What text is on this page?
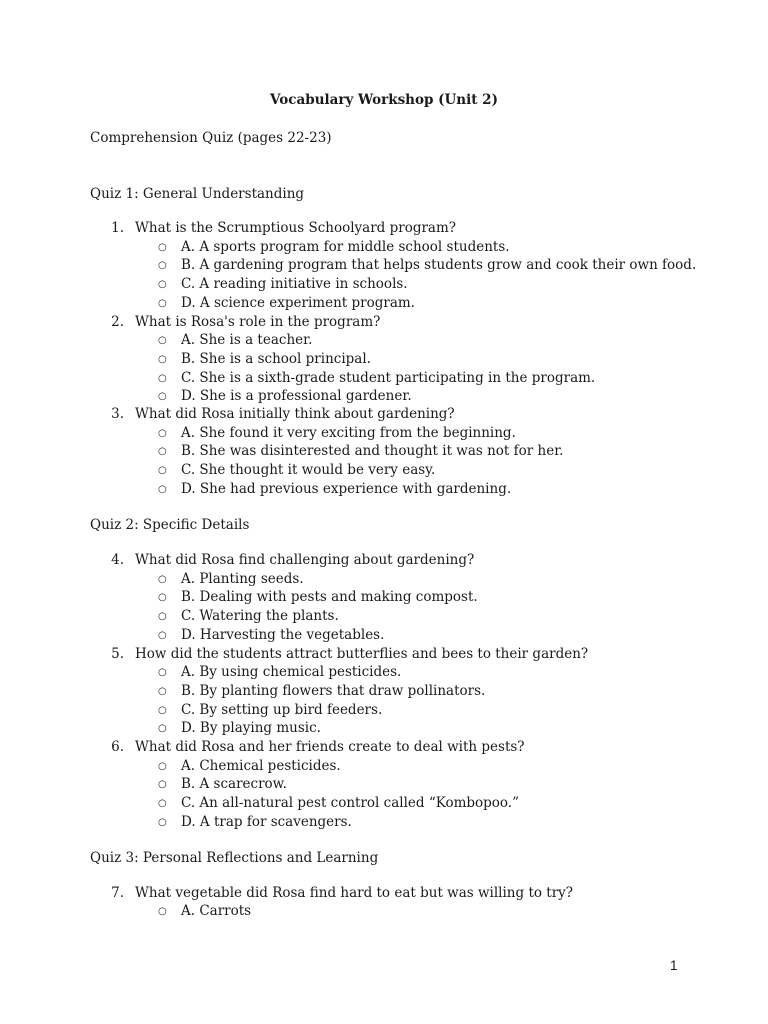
Vocabulary Workshop (Unit 2)
Comprehension Quiz (pages 22-23)
Quiz 1: General Understanding
1. What is the Scrumptious Schoolyard program?
○ A. A sports program for middle school students.
○ B. A gardening program that helps students grow and cook their own food.
○ C. A reading initiative in schools.
○ D. A science experiment program.
2. What is Rosa's role in the program?
○ A. She is a teacher.
○ B. She is a school principal.
○ C. She is a sixth-grade student participating in the program.
○ D. She is a professional gardener.
3. What did Rosa initially think about gardening?
○ A. She found it very exciting from the beginning.
○ B. She was disinterested and thought it was not for her.
○ C. She thought it would be very easy.
○ D. She had previous experience with gardening.
Quiz 2: Specific Details
4. What did Rosa find challenging about gardening?
○ A. Planting seeds.
○ B. Dealing with pests and making compost.
○ C. Watering the plants.
○ D. Harvesting the vegetables.
5. How did the students attract butterflies and bees to their garden?
○ A. By using chemical pesticides.
○ B. By planting flowers that draw pollinators.
○ C. By setting up bird feeders.
○ D. By playing music.
6. What did Rosa and her friends create to deal with pests?
○ A. Chemical pesticides.
○ B. A scarecrow.
○ C. An all-natural pest control called “Kombopoo.”
○ D. A trap for scavengers.
Quiz 3: Personal Reflections and Learning
7. What vegetable did Rosa find hard to eat but was willing to try?
○ A. Carrots
1
